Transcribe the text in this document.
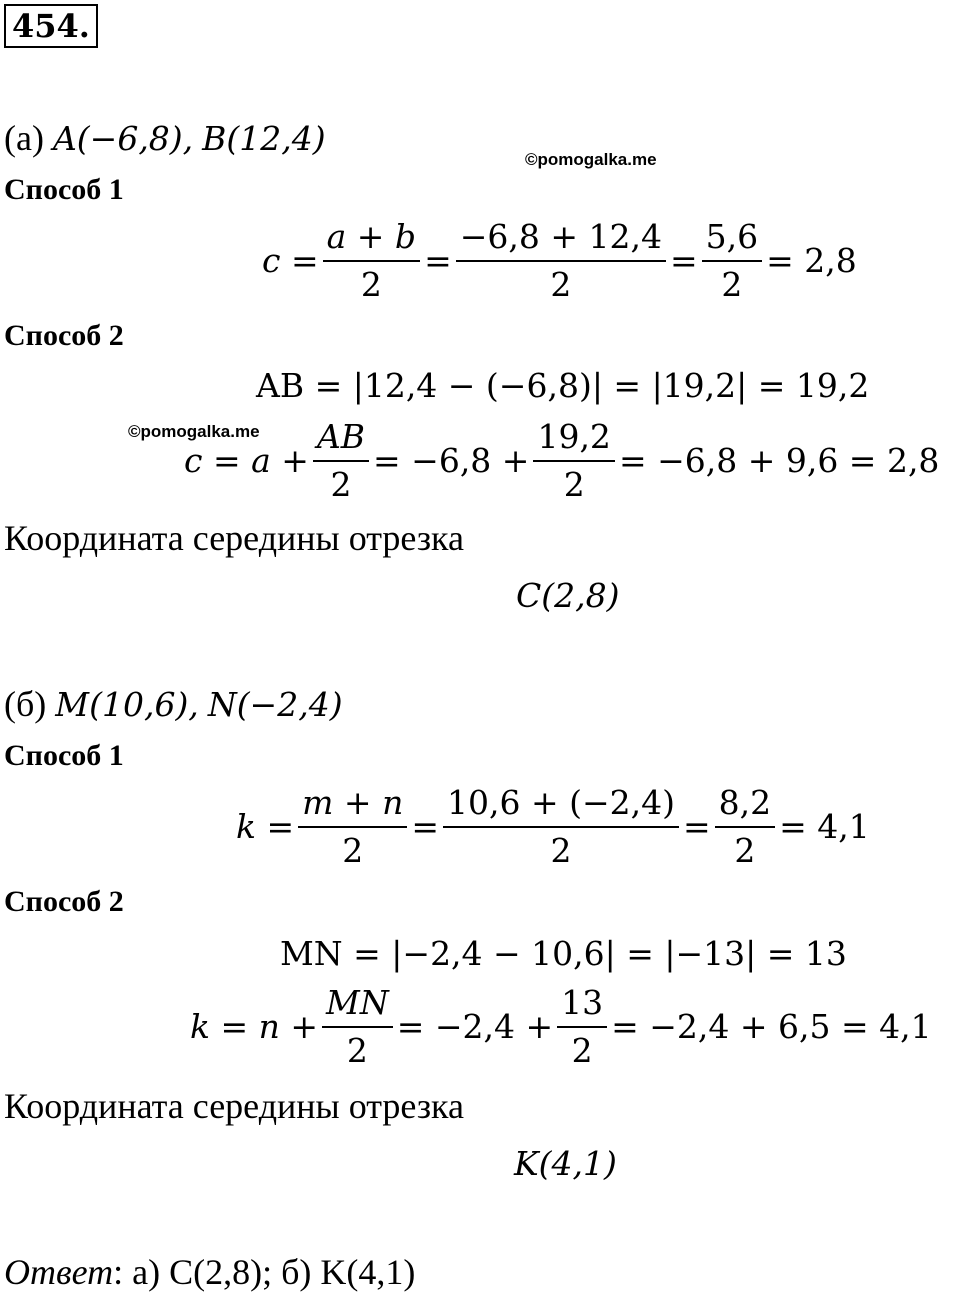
454.
(а) A(−6,8), B(12,4)
©pomogalka.me
Способ 1
$c = \frac{a + b}{2} = \frac{-6,8 + 12,4}{2} = \frac{5,6}{2} = 2,8$
Способ 2
AB = |12,4 − (−6,8)| = |19,2| = 19,2
©pomogalka.me
$c = a + \frac{AB}{2} = -6,8 + \frac{19,2}{2} = -6,8 + 9,6 = 2,8$
Координата середины отрезка
C(2,8)
(б) M(10,6), N(−2,4)
Способ 1
$k = \frac{m + n}{2} = \frac{10,6 + (-2,4)}{2} = \frac{8,2}{2} = 4,1$
Способ 2
MN = |−2,4 − 10,6| = |−13| = 13
$k = n + \frac{MN}{2} = -2,4 + \frac{13}{2} = -2,4 + 6,5 = 4,1$
Координата середины отрезка
K(4,1)
Ответ: а) C(2,8); б) K(4,1)
